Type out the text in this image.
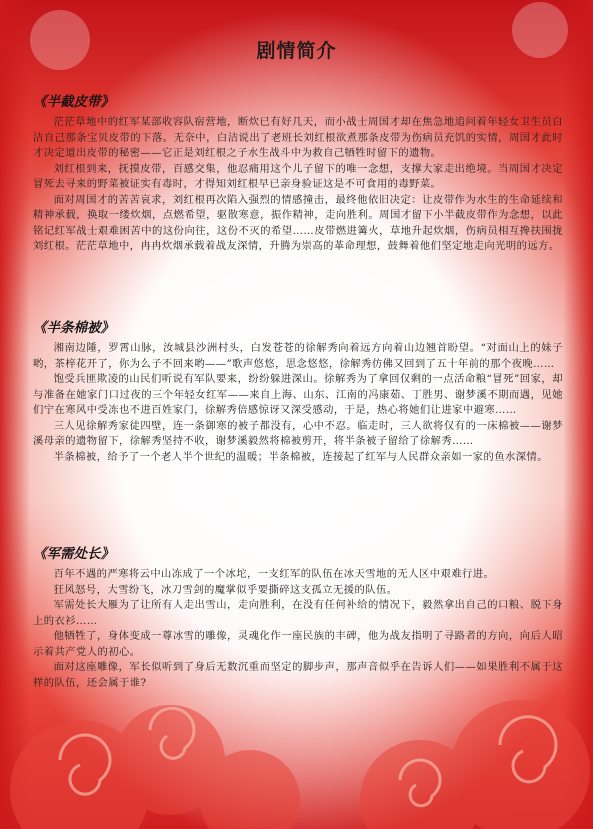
剧情简介
《半截皮带》

茫茫草地中的红军某部收容队宿营地，断炊已有好几天，而小战士周国才却在焦急地追问着年轻女卫生员白洁自己那条宝贝皮带的下落。无奈中，白洁说出了老班长刘红根欲煮那条皮带为伤病员充饥的实情，周国才此时才决定道出皮带的秘密——它正是刘红根之子水生战斗中为救自己牺牲时留下的遗物。

刘红根到来，抚摸皮带，百感交集，他忍痛用这个儿子留下的唯一念想，支撑大家走出绝境。当周国才决定冒死去寻来的野菜被证实有毒时，才得知刘红根早已亲身验证这是不可食用的毒野菜。

面对周国才的苦苦哀求，刘红根再次陷入强烈的情感撞击，最终他依旧决定：让皮带作为水生的生命延续和精神承载，换取一缕炊烟，点燃希望，驱散寒意，振作精神，走向胜利。周国才留下小半截皮带作为念想，以此铭记红军战士艰难困苦中的这份向往，这份不灭的希望……皮带燃进篝火，草地升起炊烟，伤病员相互搀扶围拢刘红根。茫茫草地中，冉冉炊烟承载着战友深情，升腾为崇高的革命理想，鼓舞着他们坚定地走向光明的远方。

《半条棉被》

湘南边陲，罗霄山脉，汝城县沙洲村头，白发苍苍的徐解秀向着远方向着山边翘首盼望。“对面山上的妹子哟，茶梓花开了，你为么子不回来哟——”歌声悠悠，思念悠悠，徐解秀仿佛又回到了五十年前的那个夜晚……

饱受兵匪欺凌的山民们听说有军队要来，纷纷躲进深山。徐解秀为了拿回仅剩的一点活命粮“冒死”回家，却与准备在她家门口过夜的三个年轻女红军——来自上海、山东、江南的冯康茹、丁胜男、谢梦溪不期而遇，见她们宁在寒风中受冻也不进百姓家门，徐解秀倍感惊讶又深受感动，于是，热心将她们让进家中避寒……

三人见徐解秀家徒四壁，连一条御寒的被子都没有，心中不忍。临走时，三人欲将仅有的一床棉被——谢梦溪母亲的遗物留下，徐解秀坚持不收，谢梦溪毅然将棉被剪开，将半条被子留给了徐解秀……

半条棉被，给予了一个老人半个世纪的温暖；半条棉被，连接起了红军与人民群众亲如一家的鱼水深情。

《军需处长》

百年不遇的严寒将云中山冻成了一个冰坨，一支红军的队伍在冰天雪地的无人区中艰难行进。

狂风怒号，大雪纷飞，冰刀雪剑的魔掌似乎要撕碎这支孤立无援的队伍。

军需处长大雁为了让所有人走出雪山，走向胜利，在没有任何补给的情况下，毅然拿出自己的口粮、脱下身上的衣衫……

他牺牲了，身体变成一尊冰雪的雕像，灵魂化作一座民族的丰碑，他为战友指明了寻路者的方向，向后人昭示着共产党人的初心。

面对这座雕像，军长似听到了身后无数沉重而坚定的脚步声，那声音似乎在告诉人们——如果胜利不属于这样的队伍，还会属于谁?
